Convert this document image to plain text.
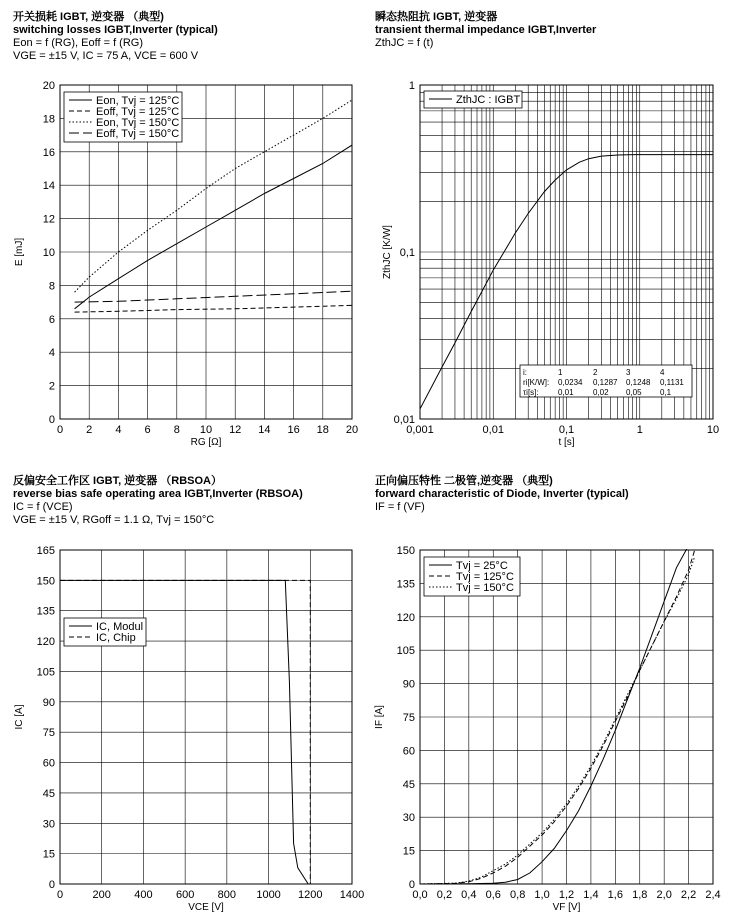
开关损耗 IGBT, 逆变器 （典型)
switching losses IGBT,Inverter (typical)
Eon = f (RG), Eoff = f (RG)
VGE = ±15 V, IC = 75 A, VCE = 600 V
瞬态热阻抗 IGBT, 逆变器
transient thermal impedance IGBT,Inverter
ZthJC = f (t)
反偏安全工作区 IGBT, 逆变器 （RBSOA）
reverse bias safe operating area IGBT,Inverter (RBSOA)
IC = f (VCE)
VGE = ±15 V, RGoff = 1.1 Ω, Tvj = 150°C
正向偏压特性 二极管,逆变器 （典型)
forward characteristic of Diode, Inverter (typical)
IF = f (VF)
0 2 4 6 8 10 12 14 16 18 20
0
2
4
6
8
10
12
14
16
18
20
RG [Ω]
E [mJ]
Eon, Tvj = 125°C
Eoff, Tvj = 125°C
Eon, Tvj = 150°C
Eoff, Tvj = 150°C
0,001	0,01	0,1	1	10
0,01
0,1
1
t [s]
ZthJC [K/W]
ZthJC : IGBT
i:	1	2	3	4
ri[K/W]: 0,0234 0,1287 0,1248 0,1131
τi[s]: 0,01 0,02 0,05 0,1
0	200 400 600 800 1000 1200 1400
0
15
30
45
60
75
90
105
120
135
150
165
VCE [V]
IC [A]
IC, Modul
IC, Chip
0,0 0,2 0,4 0,6 0,8 1,0 1,2 1,4 1,6 1,8 2,0 2,2 2,4
0
15
30
45
60
75
90
105
120
135
150
VF [V]
IF [A]
Tvj = 25°C
Tvj = 125°C
Tvj = 150°C
